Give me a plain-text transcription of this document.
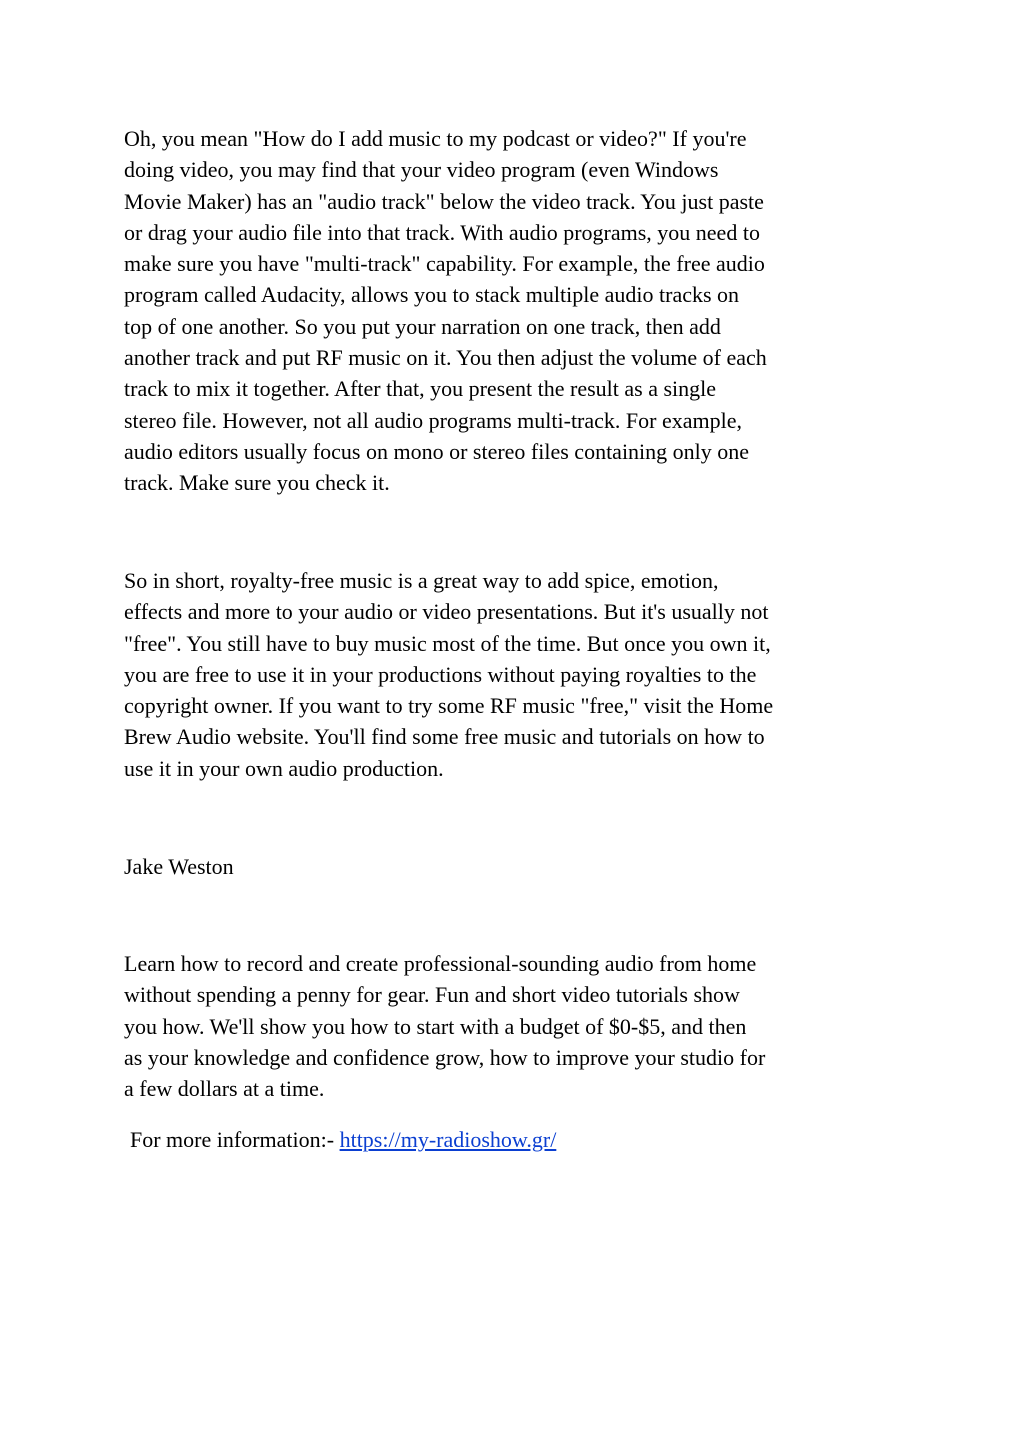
Oh, you mean "How do I add music to my podcast or video?" If you're
doing video, you may find that your video program (even Windows
Movie Maker) has an "audio track" below the video track. You just paste
or drag your audio file into that track. With audio programs, you need to
make sure you have "multi-track" capability. For example, the free audio
program called Audacity, allows you to stack multiple audio tracks on
top of one another. So you put your narration on one track, then add
another track and put RF music on it. You then adjust the volume of each
track to mix it together. After that, you present the result as a single
stereo file. However, not all audio programs multi-track. For example,
audio editors usually focus on mono or stereo files containing only one
track. Make sure you check it.

So in short, royalty-free music is a great way to add spice, emotion,
effects and more to your audio or video presentations. But it's usually not
"free". You still have to buy music most of the time. But once you own it,
you are free to use it in your productions without paying royalties to the
copyright owner. If you want to try some RF music "free," visit the Home
Brew Audio website. You'll find some free music and tutorials on how to
use it in your own audio production.

Jake Weston

Learn how to record and create professional-sounding audio from home
without spending a penny for gear. Fun and short video tutorials show
you how. We'll show you how to start with a budget of $0-$5, and then
as your knowledge and confidence grow, how to improve your studio for
a few dollars at a time.

For more information:- https://my-radioshow.gr/
